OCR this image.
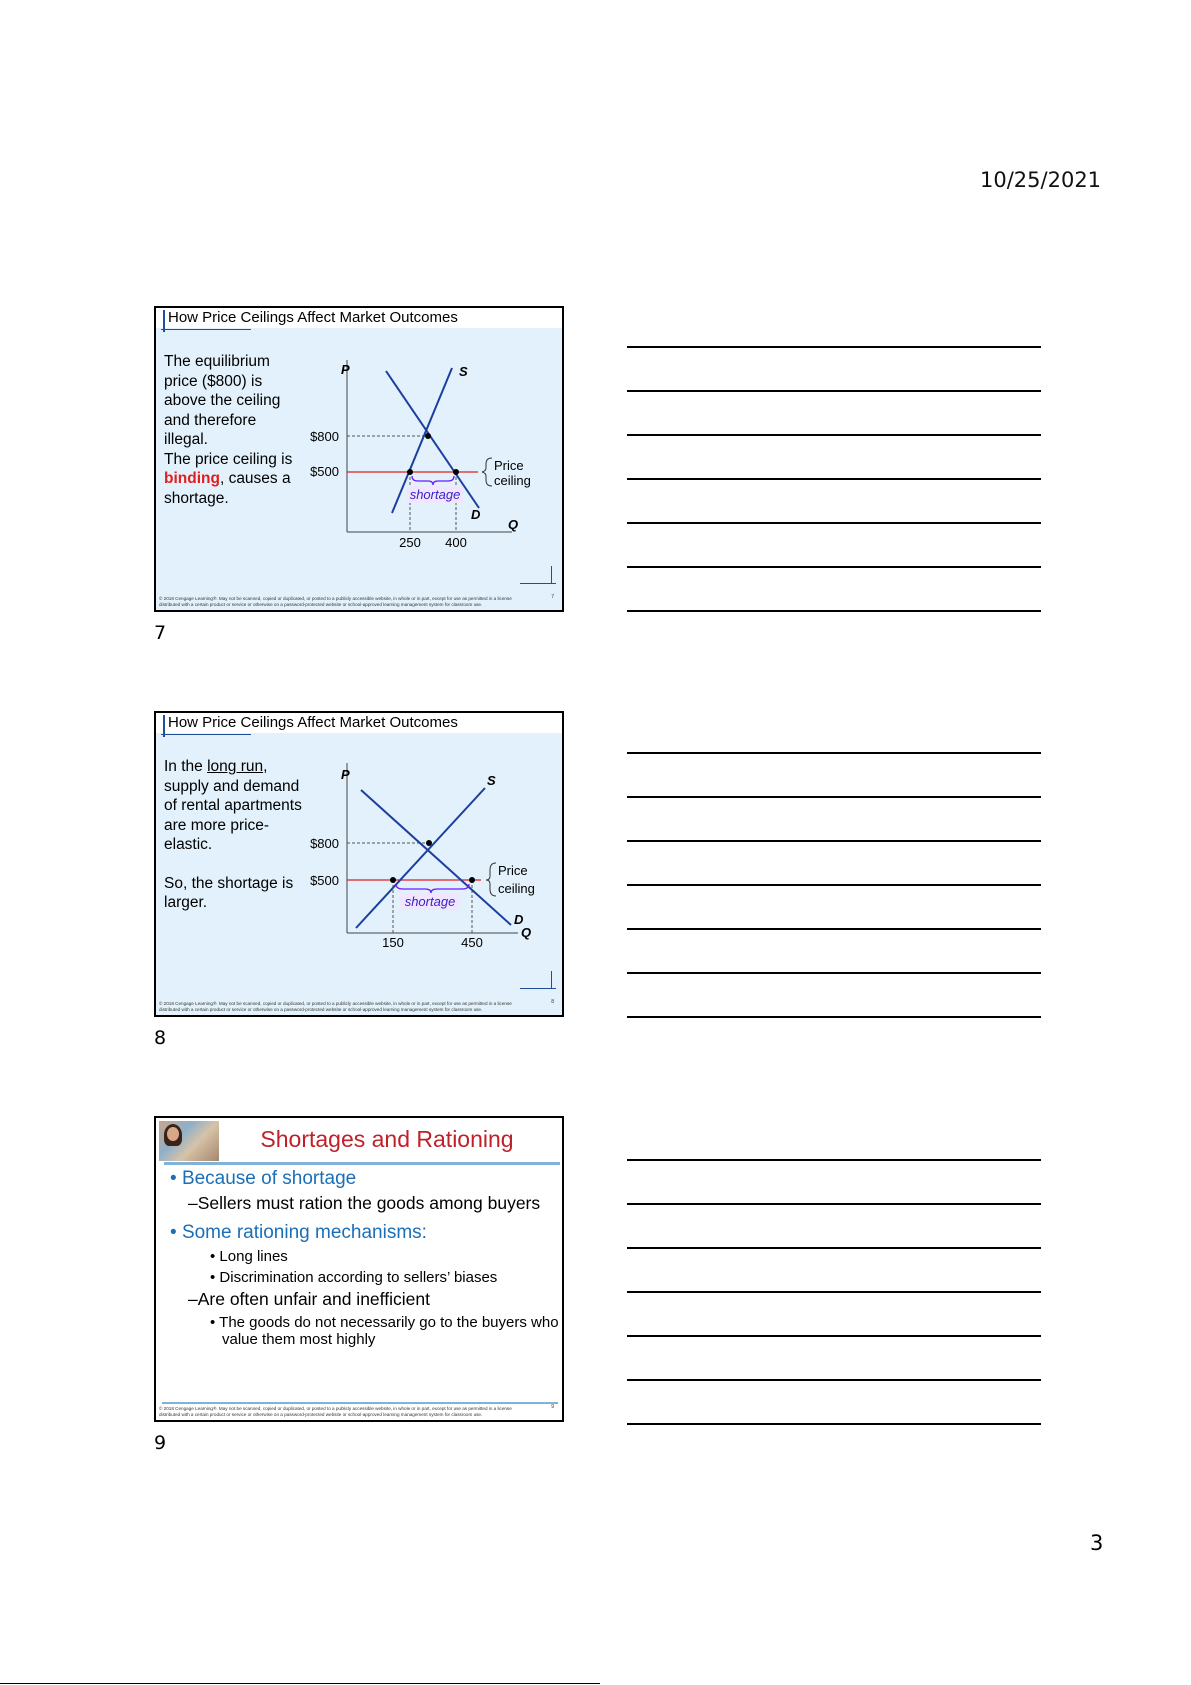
10/25/2021
How Price Ceilings Affect Market Outcomes

The equilibrium price ($800) is above the ceiling and therefore illegal.

The price ceiling is binding, causes a shortage.

P
Q
S
D
$800
$500
250 400
Price
ceiling
shortage
© 2018 Cengage Learning®. May not be scanned, copied or duplicated, or posted to a publicly accessible website, in whole or in part, except for use as permitted in a license distributed with a certain product or service or otherwise on a password-protected website or school-approved learning management system for classroom use.
7
7
How Price Ceilings Affect Market Outcomes

In the long run, supply and demand of rental apartments are more price-elastic.

So, the shortage is larger.

P
Q
S
D
$800
$500
150	450
Price
ceiling
shortage
© 2018 Cengage Learning®. May not be scanned, copied or duplicated, or posted to a publicly accessible website, in whole or in part, except for use as permitted in a license distributed with a certain product or service or otherwise on a password-protected website or school-approved learning management system for classroom use.
8
8
Shortages and Rationing
• Because of shortage
–Sellers must ration the goods among buyers
• Some rationing mechanisms:
• Long lines
• Discrimination according to sellers’ biases
–Are often unfair and inefficient
• The goods do not necessarily go to the buyers who value them most highly
© 2018 Cengage Learning®. May not be scanned, copied or duplicated, or posted to a publicly accessible website, in whole or in part, except for use as permitted in a license distributed with a certain product or service or otherwise on a password-protected website or school-approved learning management system for classroom use.
9
9
3
